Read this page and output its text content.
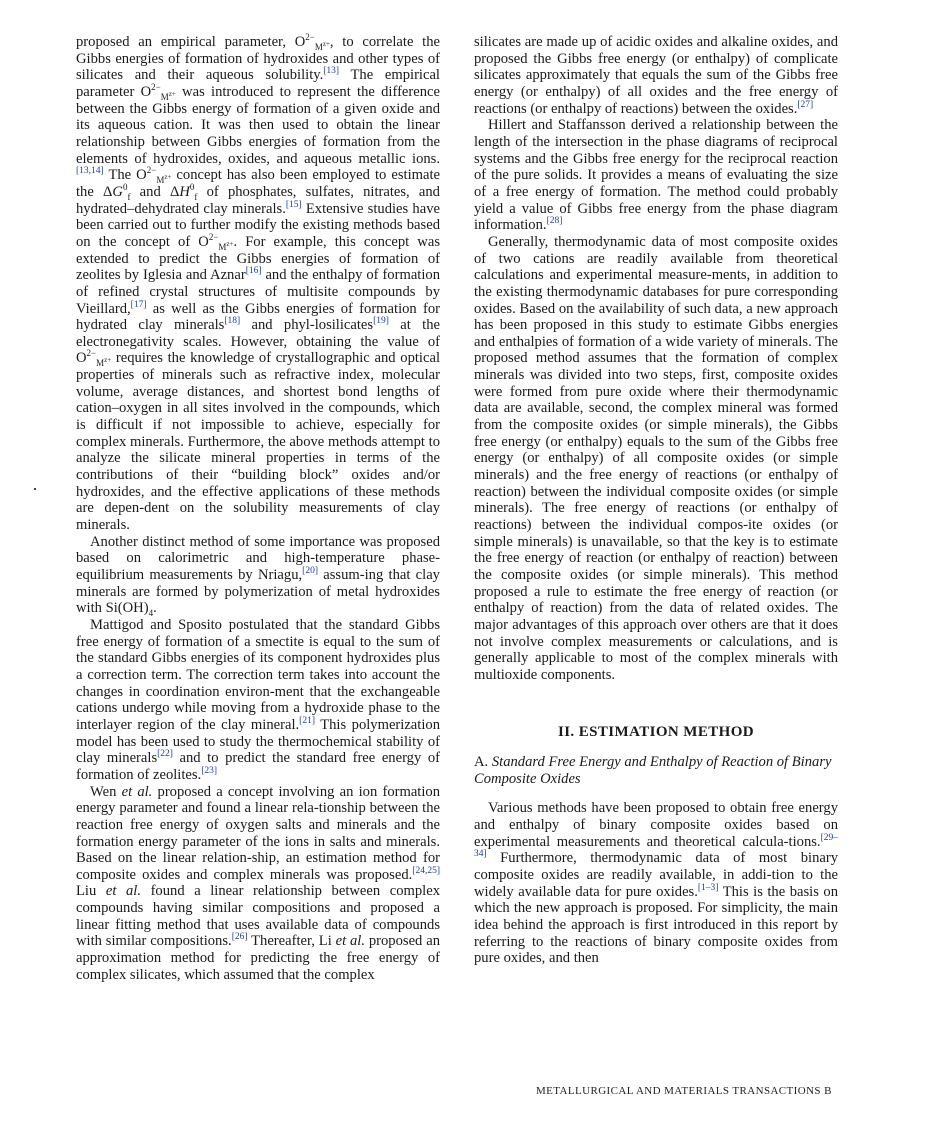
proposed an empirical parameter, $O^{2-}_{M^{z+}}$, to correlate the Gibbs energies of formation of hydroxides and other types of silicates and their aqueous solubility.[13] The empirical parameter $O^{2-}_{M^{z+}}$ was introduced to represent the difference between the Gibbs energy of formation of a given oxide and its aqueous cation. It was then used to obtain the linear relationship between Gibbs energies of formation from the elements of hydroxides, oxides, and aqueous metallic ions.[13,14] The $O^{2-}_{M^{z+}}$ concept has also been employed to estimate the $\Delta G^0_f$ and $\Delta H^0_f$ of phosphates, sulfates, nitrates, and hydrated–dehydrated clay minerals.[15] Extensive studies have been carried out to further modify the existing methods based on the concept of $O^{2-}_{M^{z+}}$. For example, this concept was extended to predict the Gibbs energies of formation of zeolites by Iglesia and Aznar[16] and the enthalpy of formation of refined crystal structures of multisite compounds by Vieillard,[17] as well as the Gibbs energies of formation for hydrated clay minerals[18] and phyl-losilicates[19] at the electronegativity scales. However, obtaining the value of $O^{2-}_{M^{z+}}$ requires the knowledge of crystallographic and optical properties of minerals such as refractive index, molecular volume, average distances, and shortest bond lengths of cation–oxygen in all sites involved in the compounds, which is difficult if not impossible to achieve, especially for complex minerals. Furthermore, the above methods attempt to analyze the silicate mineral properties in terms of the contributions of their “building block” oxides and/or hydroxides, and the effective applications of these methods are depen-dent on the solubility measurements of clay minerals.

Another distinct method of some importance was proposed based on calorimetric and high-temperature phase-equilibrium measurements by Nriagu,[20] assum-ing that clay minerals are formed by polymerization of metal hydroxides with $Si(OH)_4$.

Mattigod and Sposito postulated that the standard Gibbs free energy of formation of a smectite is equal to the sum of the standard Gibbs energies of its component hydroxides plus a correction term. The correction term takes into account the changes in coordination environ-ment that the exchangeable cations undergo while moving from a hydroxide phase to the interlayer region of the clay mineral.[21] This polymerization model has been used to study the thermochemical stability of clay minerals[22] and to predict the standard free energy of formation of zeolites.[23]

Wen et al. proposed a concept involving an ion formation energy parameter and found a linear rela-tionship between the reaction free energy of oxygen salts and minerals and the formation energy parameter of the ions in salts and minerals. Based on the linear relation-ship, an estimation method for composite oxides and complex minerals was proposed.[24,25] Liu et al. found a linear relationship between complex compounds having similar compositions and proposed a linear fitting method that uses available data of compounds with similar compositions.[26] Thereafter, Li et al. proposed an approximation method for predicting the free energy of complex silicates, which assumed that the complex

silicates are made up of acidic oxides and alkaline oxides, and proposed the Gibbs free energy (or enthalpy) of complicate silicates approximately that equals the sum of the Gibbs free energy (or enthalpy) of all oxides and the free energy of reactions (or enthalpy of reactions) between the oxides.[27]

Hillert and Staffansson derived a relationship between the length of the intersection in the phase diagrams of reciprocal systems and the Gibbs free energy for the reciprocal reaction of the pure solids. It provides a means of evaluating the size of a free energy of formation. The method could probably yield a value of Gibbs free energy from the phase diagram information.[28]

Generally, thermodynamic data of most composite oxides of two cations are readily available from theoretical calculations and experimental measure-ments, in addition to the existing thermodynamic databases for pure corresponding oxides. Based on the availability of such data, a new approach has been proposed in this study to estimate Gibbs energies and enthalpies of formation of a wide variety of minerals. The proposed method assumes that the formation of complex minerals was divided into two steps, first, composite oxides were formed from pure oxide where their thermodynamic data are available, second, the complex mineral was formed from the composite oxides (or simple minerals), the Gibbs free energy (or enthalpy) equals to the sum of the Gibbs free energy (or enthalpy) of all composite oxides (or simple minerals) and the free energy of reactions (or enthalpy of reaction) between the individual composite oxides (or simple minerals). The free energy of reactions (or enthalpy of reactions) between the individual compos-ite oxides (or simple minerals) is unavailable, so that the key is to estimate the free energy of reaction (or enthalpy of reaction) between the composite oxides (or simple minerals). This method proposed a rule to estimate the free energy of reaction (or enthalpy of reaction) from the data of related oxides. The major advantages of this approach over others are that it does not involve complex measurements or calculations, and is generally applicable to most of the complex minerals with multioxide components.

II. ESTIMATION METHOD
A. Standard Free Energy and Enthalpy of Reaction of Binary Composite Oxides

Various methods have been proposed to obtain free energy and enthalpy of binary composite oxides based on experimental measurements and theoretical calcula-tions.[29–34] Furthermore, thermodynamic data of most binary composite oxides are readily available, in addi-tion to the widely available data for pure oxides.[1–3] This is the basis on which the new approach is proposed. For simplicity, the main idea behind the approach is first introduced in this report by referring to the reactions of binary composite oxides from pure oxides, and then

METALLURGICAL AND MATERIALS TRANSACTIONS B
